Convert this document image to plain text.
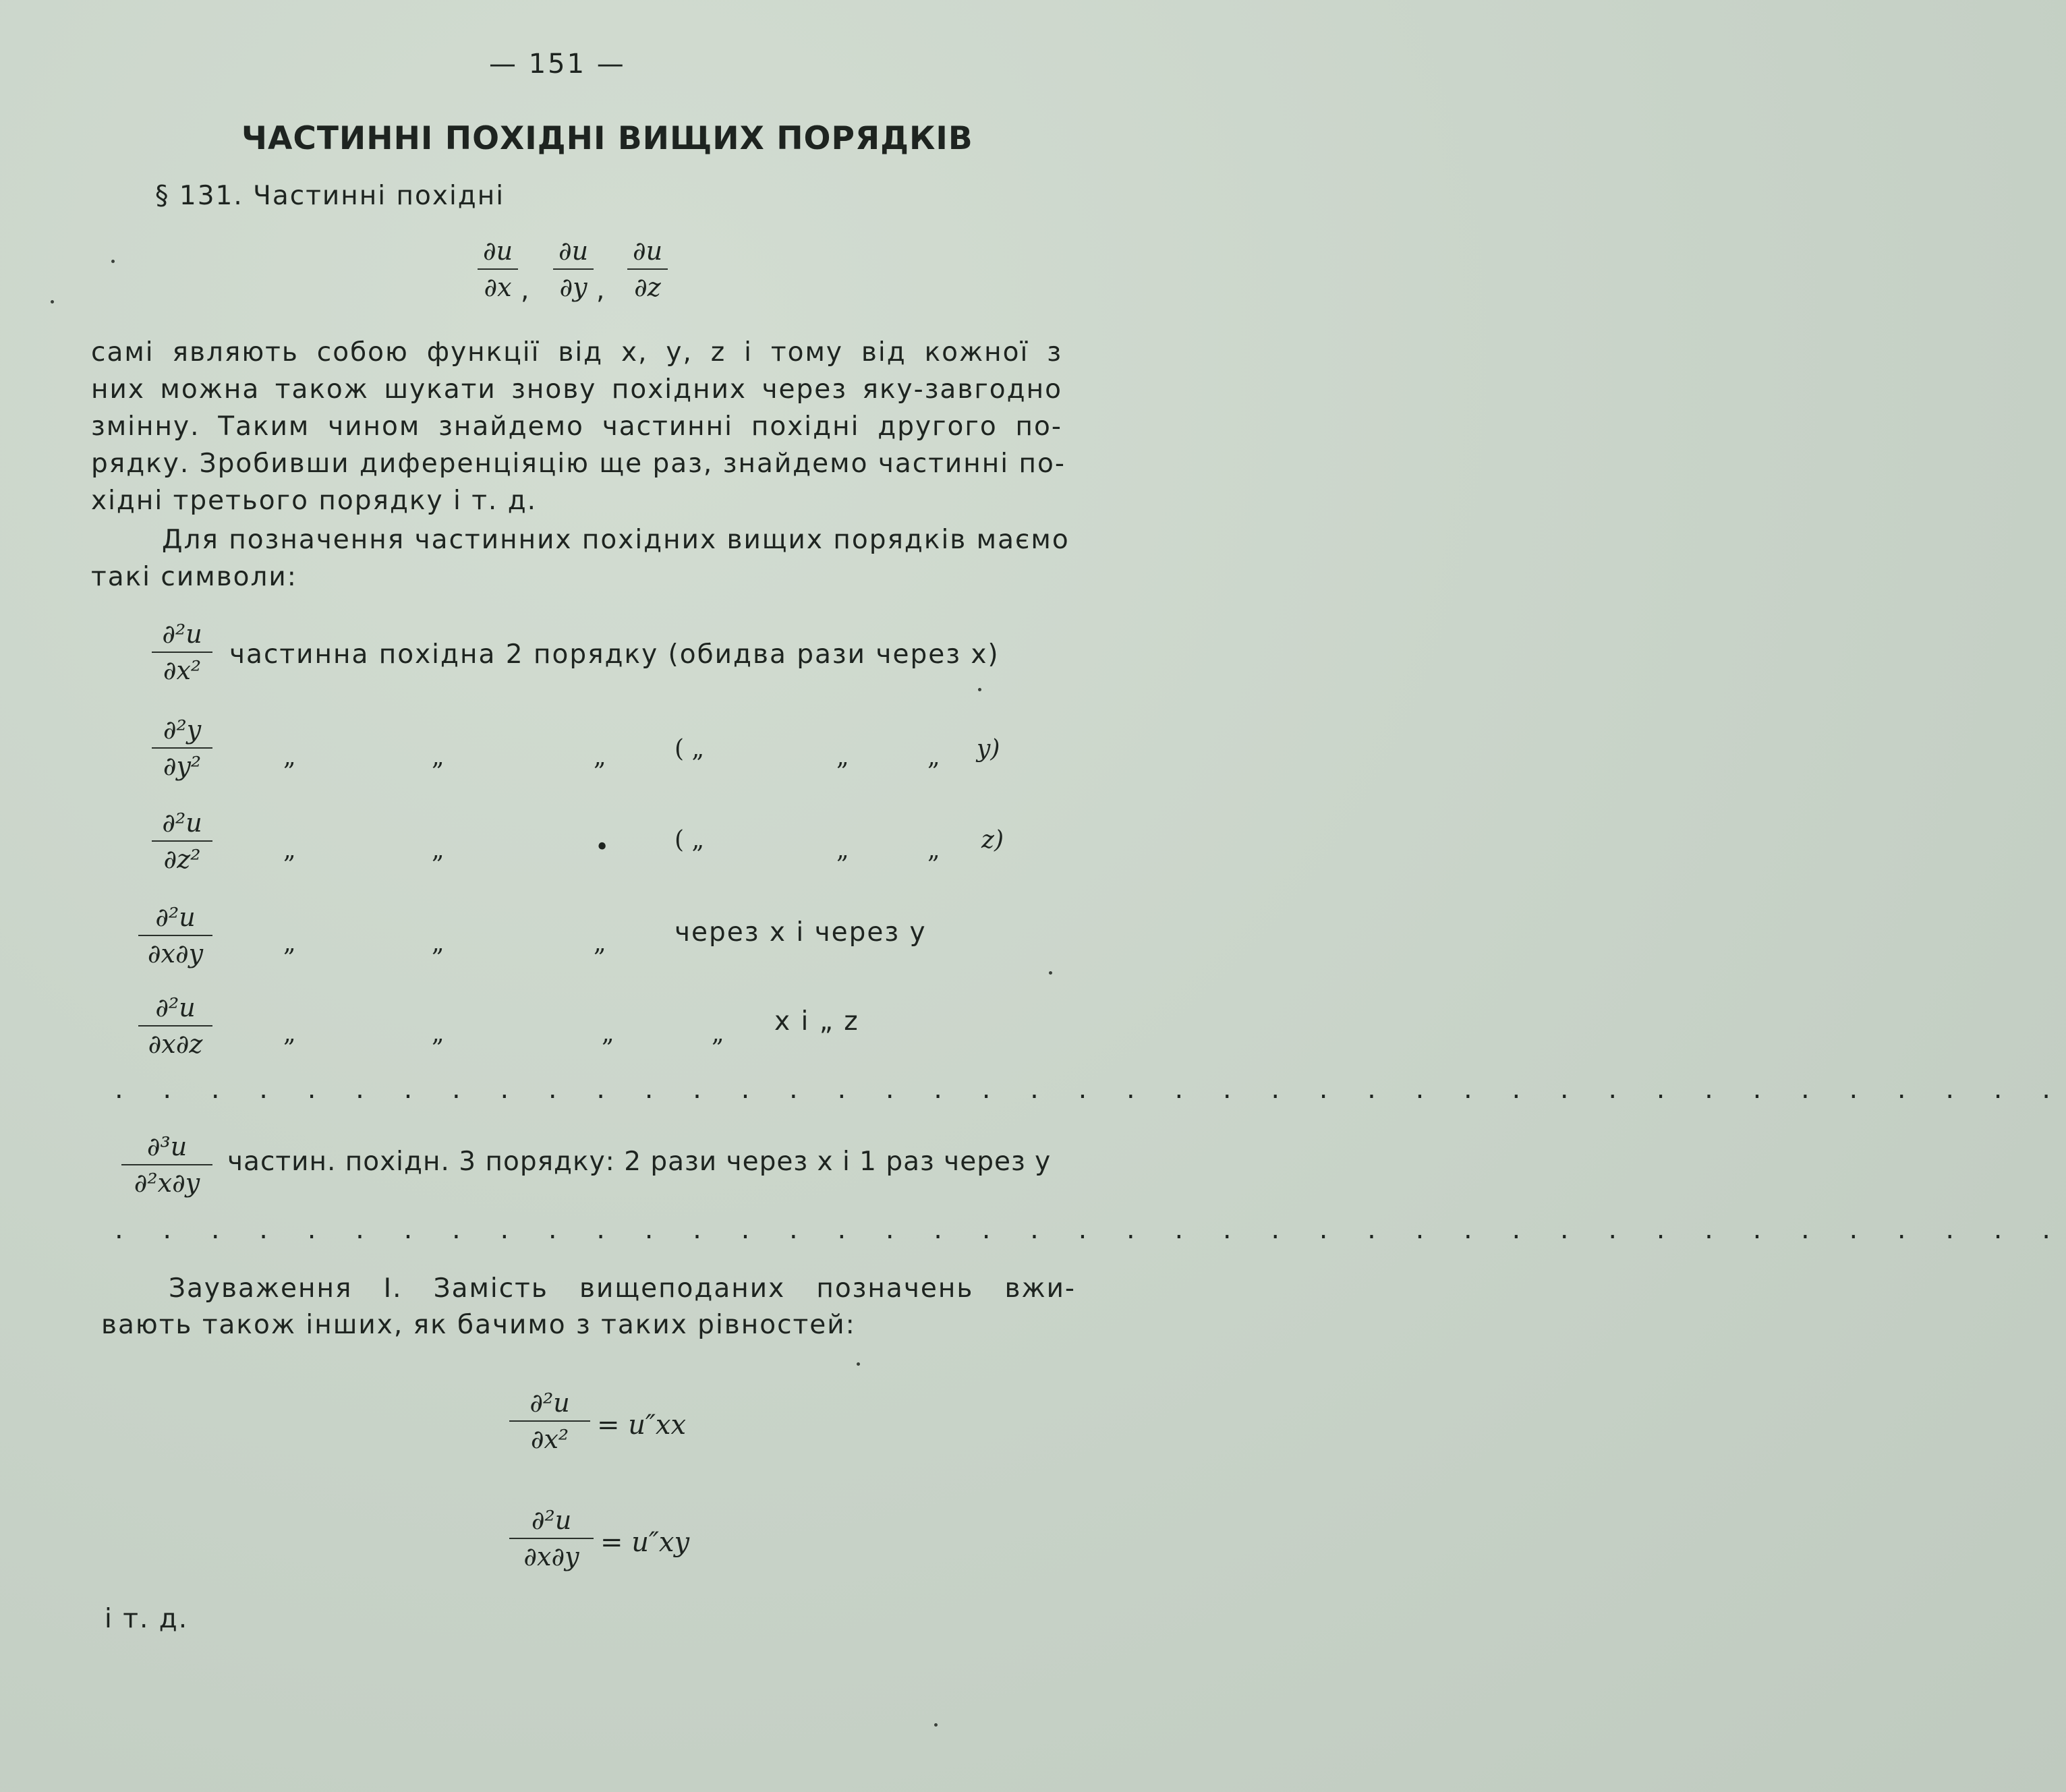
— 151 —
ЧАСТИННІ ПОХІДНІ ВИЩИХ ПОРЯДКІВ
§ 131. Частинні похідні
∂u
∂x ,
∂u
∂y ,
∂u
∂z
самі являють собою функції від x, y, z і тому від кожної з
них можна також шукати знову похідних через яку-завгодно
змінну. Таким чином знайдемо частинні похідні другого по-
рядку. Зробивши диференціяцію ще раз, знайдемо частинні по-
хідні третього порядку і т. д.
Для позначення частинних похідних вищих порядків маємо
такі символи:
∂²u
∂x²
частинна похідна 2 порядку (обидва рази через x)
∂²y
∂y²	„	„	„	( „	„	„ y)
∂²u
∂z²	„	„	•	( „	„	„ z)
∂²u
∂x∂y	„	„	„	через x і через y
∂²u
∂x∂z	„	„	„	„ x і „ z
. . . . . . . . . . . . . . . . . . . . . . . . . . . . . . . . . . . . . . . . .
∂³u
∂²x∂y
частин. похідн. 3 порядку: 2 рази через x і 1 раз через y
. . . . . . . . . . . . . . . . . . . . . . . . . . . . . . . . . . . . . . . . .
Зауваження I. Замість вищеподаних позначень вжи-
вають також інших, як бачимо з таких рівностей:
∂²u
∂x²	= u″xx
∂²u
∂x∂y = u″xy
і т. д.
